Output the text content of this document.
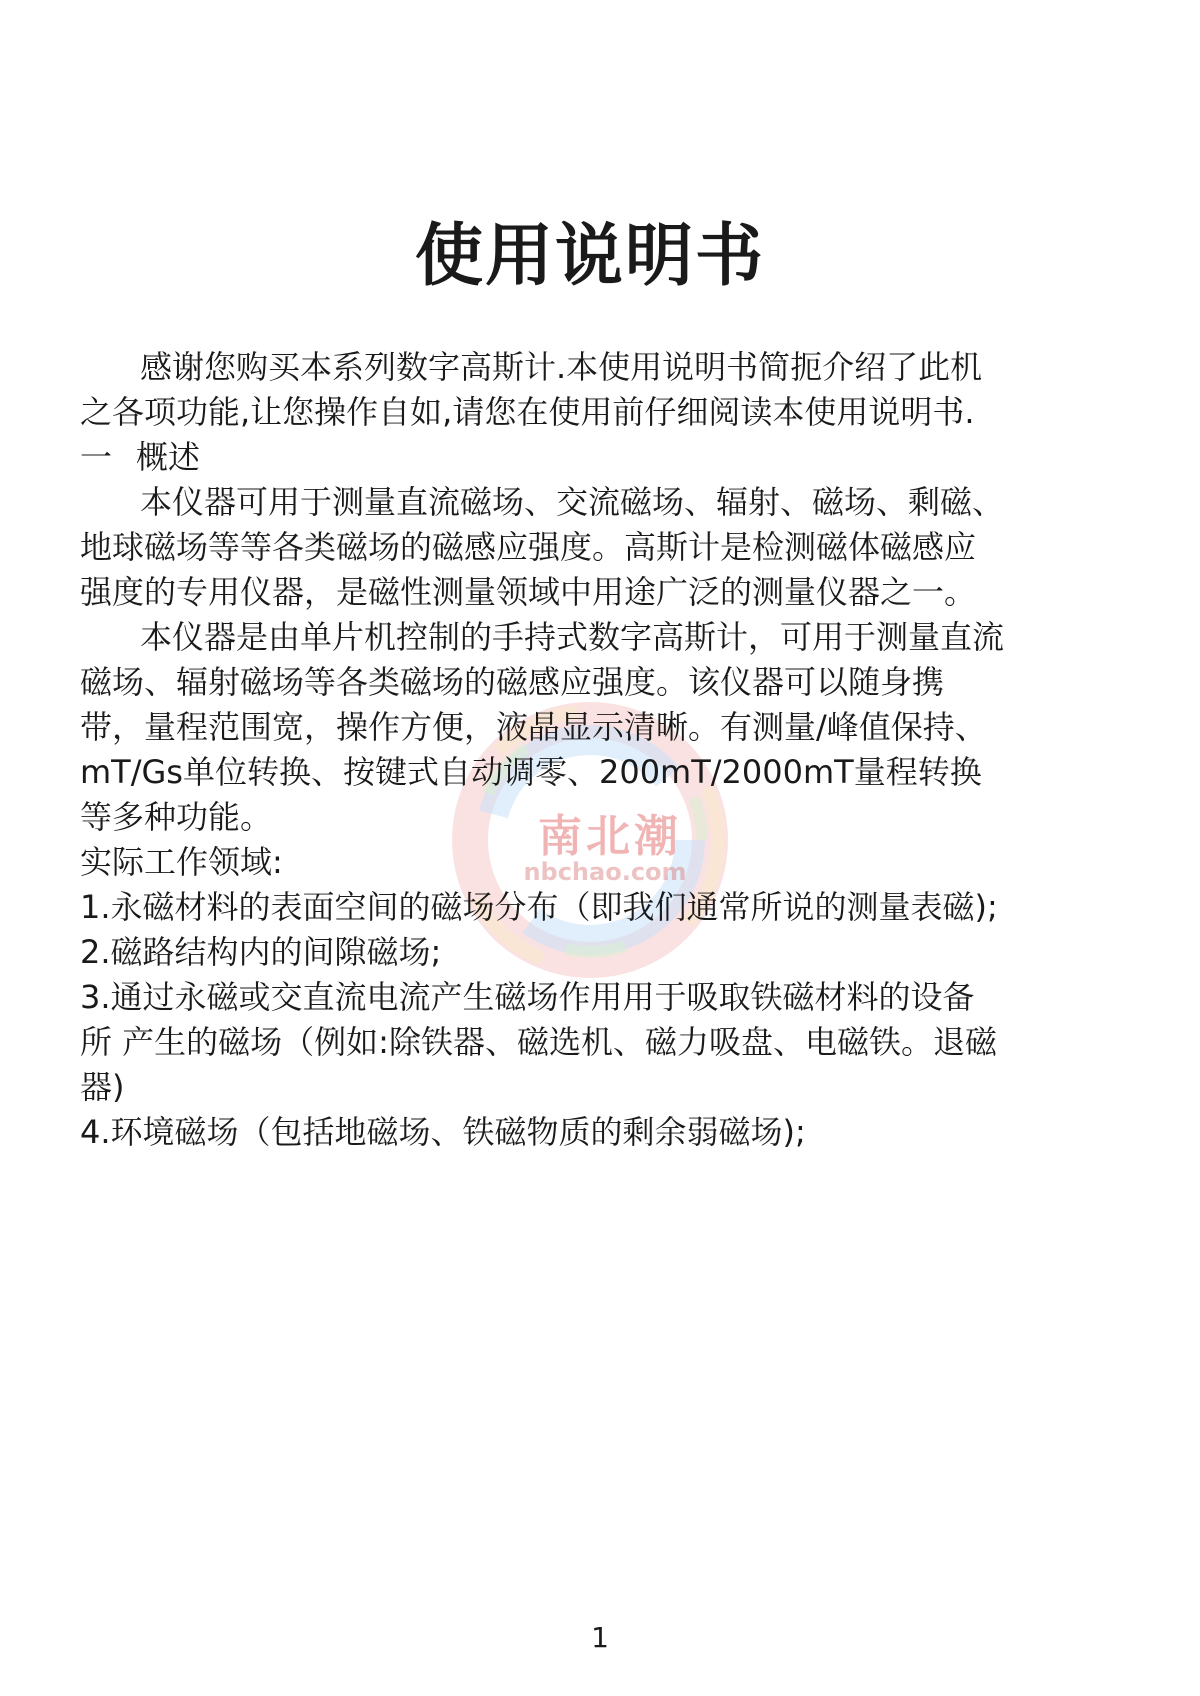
南北潮
nbchao.com
使用说明书

感谢您购买本系列数字高斯计.本使用说明书简扼介绍了此机

之各项功能,让您操作自如,请您在使用前仔细阅读本使用说明书.

一 概述

本仪器可用于测量直流磁场、交流磁场、辐射、磁场、剩磁、

地球磁场等等各类磁场的磁感应强度。高斯计是检测磁体磁感应

强度的专用仪器，是磁性测量领域中用途广泛的测量仪器之一。

本仪器是由单片机控制的手持式数字高斯计，可用于测量直流

磁场、辐射磁场等各类磁场的磁感应强度。该仪器可以随身携

带，量程范围宽，操作方便，液晶显示清晰。有测量/峰值保持、

mT/Gs单位转换、按键式自动调零、200mT/2000mT量程转换

等多种功能。

实际工作领域:

1.永磁材料的表面空间的磁场分布（即我们通常所说的测量表磁);

2.磁路结构内的间隙磁场;

3.通过永磁或交直流电流产生磁场作用用于吸取铁磁材料的设备

所 产生的磁场（例如:除铁器、磁选机、磁力吸盘、电磁铁。退磁

器)

4.环境磁场（包括地磁场、铁磁物质的剩余弱磁场);

1
